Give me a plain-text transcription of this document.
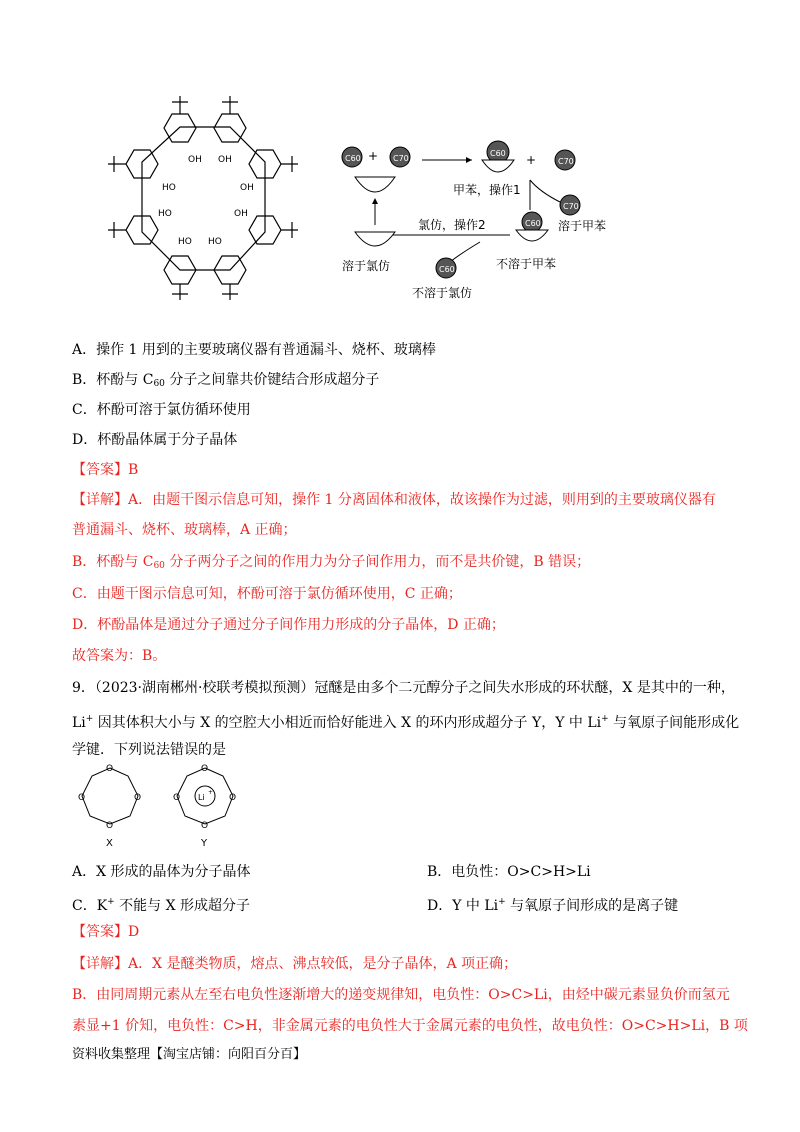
OH OH
OH
OH
HO
HO
HO
HO
C60 + C70
C60 +	C70
甲苯，操作1
C70
溶于甲苯
C60
不溶于甲苯
氯仿，操作2
溶于氯仿	C60
不溶于氯仿
A．操作 1 用到的主要玻璃仪器有普通漏斗、烧杯、玻璃棒
B．杯酚与 $C_{60}$ 分子之间靠共价键结合形成超分子
C．杯酚可溶于氯仿循环使用
D．杯酚晶体属于分子晶体
【答案】B
【详解】A．由题干图示信息可知，操作 1 分离固体和液体，故该操作为过滤，则用到的主要玻璃仪器有
普通漏斗、烧杯、玻璃棒，A 正确；
B．杯酚与 $C_{60}$ 分子两分子之间的作用力为分子间作用力，而不是共价键，B 错误；
C．由题干图示信息可知，杯酚可溶于氯仿循环使用，C 正确；
D．杯酚晶体是通过分子通过分子间作用力形成的分子晶体，D 正确；
故答案为：B。
9．（2023·湖南郴州·校联考模拟预测）冠醚是由多个二元醇分子之间失水形成的环状醚，X 是其中的一种，
Li+ 因其体积大小与 X 的空腔大小相近而恰好能进入 X 的环内形成超分子 Y，Y 中 Li+ 与氧原子间能形成化
学键．下列说法错误的是
O
O
O
O
X
O
O
O
O Li
+
Y
A．X 形成的晶体为分子晶体	B．电负性：O>C>H>Li
C．K+ 不能与 X 形成超分子	D．Y 中 Li+ 与氧原子间形成的是离子键
【答案】D
【详解】A．X 是醚类物质，熔点、沸点较低，是分子晶体，A 项正确；
B．由同周期元素从左至右电负性逐渐增大的递变规律知，电负性：O>C>Li，由烃中碳元素显负价而氢元
素显+1 价知，电负性：C>H，非金属元素的电负性大于金属元素的电负性，故电负性：O>C>H>Li，B 项
资料收集整理【淘宝店铺：向阳百分百】
